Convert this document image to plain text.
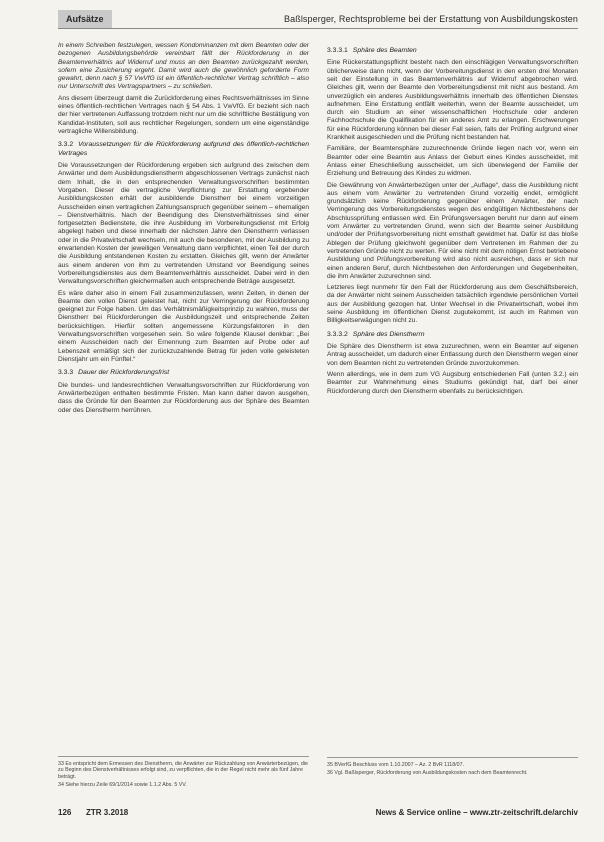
Aufsätze	Baßlsperger, Rechtsprobleme bei der Erstattung von Ausbildungskosten

In einem Schreiben festzulegen, wessen Kondominanzen mit dem Beamten oder der bezogenen Ausbildungsbehörde vereinbart fällt der Rückforderung in der Beamtenverhältnis auf Widerruf und muss an den Beamten zurückgezahlt werden, sofern eine Zusicherung ergeht. Damit wird auch die gewöhnlich geforderte Form gewahrt, denn nach § 57 VwVfG ist ein öffentlich-rechtlicher Vertrag schriftlich – also nur Unterschrift des Vertragspartners – zu schließen.

Ans diesem überzeugt damit die Zurückforderung eines Rechtsverhältnisses im Sinne eines öffentlich-rechtlichen Vertrages nach § 54 Abs. 1 VwVfG. Er bezieht sich nach der hier vertretenen Auffassung trotzdem nicht nur um die schriftliche Bestätigung von Kandidat-Instituten, soll aus rechtlicher Regelungen, sondern um eine eigenständige vertragliche Willensbildung.

3.3.2 Voraussetzungen für die Rückforderung aufgrund des öffentlich-rechtlichen Vertrages

Die Voraussetzungen der Rückforderung ergeben sich aufgrund des zwischen dem Anwärter und dem Ausbildungsdienstherrn abgeschlossenen Vertrags zunächst nach dem Inhalt, die in den entsprechenden Verwaltungsvorschriften bestimmten Vorgaben. Dieser die vertragliche Verpflichtung zur Erstattung ergebender Ausbildungskosten erhält der ausbildende Dienstherr bei einem vorzeitigen Ausscheiden einen vertraglichen Zahlungsanspruch gegenüber seinem – ehemaligen – Dienstverhältnis. Nach der Beendigung des Dienstverhältnisses sind einer fortgesetzten Bedienstete, die ihre Ausbildung im Vorbereitungsdienst mit Erfolg abgelegt haben und diese innerhalb der nächsten Jahre den Dienstherrn verlassen oder in die Privatwirtschaft wechseln, mit auch die besonderen, mit der Ausbildung zu erwartenden Kosten der jeweiligen Verwaltung dann verpflichtet, einen Teil der durch die Ausbildung entstandenen Kosten zu erstatten. Gleiches gilt, wenn der Anwärter aus einem anderen von ihm zu vertretenden Umstand vor Beendigung seines Vorbereitungsdienstes aus dem Beamtenverhältnis ausscheidet. Dabei wird in den Verwaltungsvorschriften gleichermaßen auch entsprechende Beträge ausgesetzt.

Es wäre daher also in einem Fall zusammenzufassen, wenn Zeiten, in denen der Beamte den vollen Dienst geleistet hat, nicht zur Verringerung der Rückforderung geeignet zur Folge haben. Um das Verhältnismäßigkeitsprinzip zu wahren, muss der Dienstherr bei Rückforderungen die Ausbildungszeit und entsprechende Zeiten berücksichtigen. Hierfür sollten angemessene Kürzungsfaktoren in den Verwaltungsvorschriften vorgesehen sein. So wäre folgende Klausel denkbar: „Bei einem Ausscheiden nach der Ernennung zum Beamten auf Probe oder auf Lebenszeit ermäßigt sich der zurückzuzahlende Betrag für jeden volle geleisteten Dienstjahr um ein Fünftel.“

3.3.3 Dauer der Rückforderungsfrist

Die bundes- und landesrechtlichen Verwaltungsvorschriften zur Rückforderung von Anwärterbezügen enthalten bestimmte Fristen. Man kann daher davon ausgehen, dass die Gründe für den Beamten zur Rückforderung aus der Sphäre des Beamten oder des Dienstherrn herrühren.

3.3.3.1 Sphäre des Beamten

Eine Rückerstattungspflicht besteht nach den einschlägigen Verwaltungsvorschriften üblicherweise dann nicht, wenn der Vorbereitungsdienst in den ersten drei Monaten seit der Einstellung in das Beamtenverhältnis auf Widerruf abgebrochen wird. Gleiches gilt, wenn der Beamte den Vorbereitungsdienst mit nicht aus bestand. Am unverzüglich ein anderes Ausbildungsverhältnis innerhalb des öffentlichen Dienstes aufnehmen. Eine Erstattung entfällt weiterhin, wenn der Beamte ausscheidet, um durch ein Studium an einer wissenschaftlichen Hochschule oder anderen Fachhochschule die Qualifikation für ein anderes Amt zu erlangen. Erschwerungen für eine Rückforderung können bei dieser Fall seien, falls der Prüfling aufgrund einer Krankheit ausgeschieden und die Prüfung nicht bestanden hat.

Familiäre, der Beamtensphäre zuzurechnende Gründe liegen nach vor, wenn ein Beamter oder eine Beamtin aus Anlass der Geburt eines Kindes ausscheidet, mit Anlass einer Eheschließung ausscheidet, um sich überwiegend der Familie der Erziehung und Betreuung des Kindes zu widmen.

Die Gewährung von Anwärterbezügen unter der „Auflage“, dass die Ausbildung nicht aus einem vom Anwärter zu vertretenden Grund vorzeitig endet, ermöglicht grundsätzlich keine Rückforderung gegenüber einem Anwärter, der nach Verringerung des Vorbereitungsdienstes wegen des endgültigen Nichtbestehens der Abschlussprüfung entlassen wird. Ein Prüfungsversagen beruht nur dann auf einem vom Anwärter zu vertretenden Grund, wenn sich der Beamte seiner Ausbildung und/oder der Prüfungsvorbereitung nicht ernsthaft gewidmet hat. Dafür ist das bloße Ablegen der Prüfung gleichwohl gegenüber dem Vertretenen im Rahmen der zu vertretenden Gründe nicht zu werten. Für eine nicht mit dem nötigen Ernst betriebene Ausbildung und Prüfungsvorbereitung wird also nicht ausreichen, dass er sich nur einen anderen Beruf, durch Nichtbestehen den Anforderungen und Gegebenheiten, die ihm Anwärter zuzurechnen sind.

Letzteres liegt nunmehr für den Fall der Rückforderung aus dem Geschäftsbereich, da der Anwärter nicht seinem Ausscheiden tatsächlich irgendwie persönlichen Vorteil aus der Ausbildung gezogen hat. Unter Wechsel in die Privatwirtschaft, wobei ihm seine Ausbildung im öffentlichen Dienst zugutekommt, ist auch im Rahmen von Billigkeitserwägungen nicht zu.

3.3.3.2 Sphäre des Dienstherrn

Die Sphäre des Dienstherrn ist etwa zuzurechnen, wenn ein Beamter auf eigenen Antrag ausscheidet, um dadurch einer Entlassung durch den Dienstherrn wegen einer von dem Beamten nicht zu vertretenden Gründe zuvorzukommen.

Wenn allerdings, wie in dem zum VG Augsburg entschiedenen Fall (unten 3.2.) ein Beamter zur Wahrnehmung eines Studiums gekündigt hat, darf bei einer Rückforderung durch den Dienstherrn ebenfalls zu berücksichtigen.

33 Es entspricht dem Ermessen des Dienstherrn, die Anwärter zur Rückzahlung von Anwärterbezügen, die zu Beginn des Dienstverhältnisses erfolgt sind, zu verpflichten, die in der Regel nicht mehr als fünf Jahre beträgt.

34 Siehe hierzu Zeile 69/1/2014 sowie 1.1.2 Abs. 5 VV.

35 BVerfG Beschluss vom 1.10.2007 – Az. 2 BvR 1118/07.

36 Vgl. Baßlsperger, Rückforderung von Ausbildungskosten nach dem Beamtenrecht.

126 ZTR 3.2018	News & Service online – www.ztr-zeitschrift.de/archiv
